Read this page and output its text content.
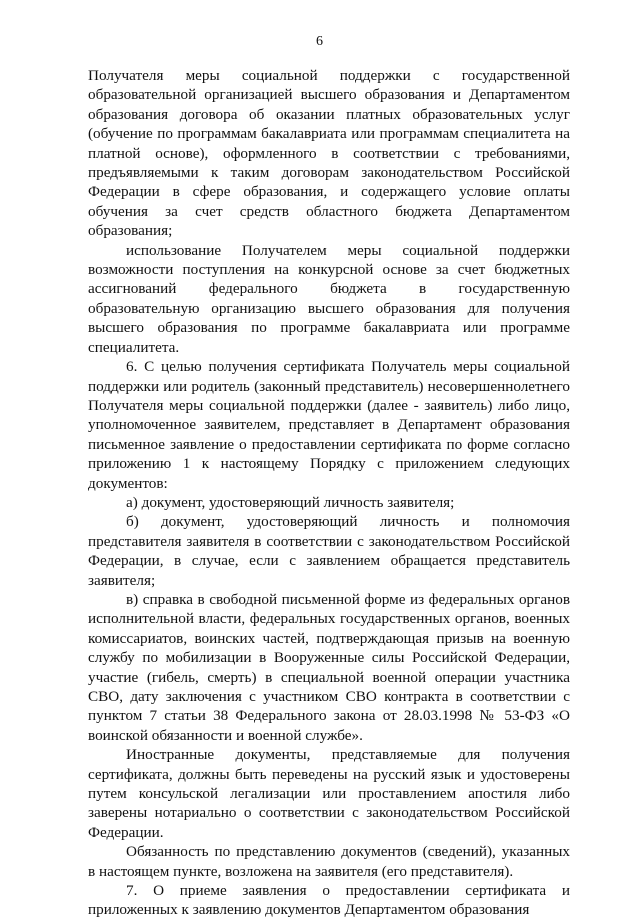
6

Получателя меры социальной поддержки с государственной образовательной организацией высшего образования и Департаментом образования договора об оказании платных образовательных услуг (обучение по программам бакалавриата или программам специалитета на платной основе), оформленного в соответствии с требованиями, предъявляемыми к таким договорам законодательством Российской Федерации в сфере образования, и содержащего условие оплаты обучения за счет средств областного бюджета Департаментом образования;

использование Получателем меры социальной поддержки возможности поступления на конкурсной основе за счет бюджетных ассигнований федерального бюджета в государственную образовательную организацию высшего образования для получения высшего образования по программе бакалавриата или программе специалитета.

6. С целью получения сертификата Получатель меры социальной поддержки или родитель (законный представитель) несовершеннолетнего Получателя меры социальной поддержки (далее - заявитель) либо лицо, уполномоченное заявителем, представляет в Департамент образования письменное заявление о предоставлении сертификата по форме согласно приложению 1 к настоящему Порядку с приложением следующих документов:

а) документ, удостоверяющий личность заявителя;

б) документ, удостоверяющий личность и полномочия представителя заявителя в соответствии с законодательством Российской Федерации, в случае, если с заявлением обращается представитель заявителя;

в) справка в свободной письменной форме из федеральных органов исполнительной власти, федеральных государственных органов, военных комиссариатов, воинских частей, подтверждающая призыв на военную службу по мобилизации в Вооруженные силы Российской Федерации, участие (гибель, смерть) в специальной военной операции участника СВО, дату заключения с участником СВО контракта в соответствии с пунктом 7 статьи 38 Федерального закона от 28.03.1998 № 53-ФЗ «О воинской обязанности и военной службе».

Иностранные документы, представляемые для получения сертификата, должны быть переведены на русский язык и удостоверены путем консульской легализации или проставлением апостиля либо заверены нотариально о соответствии с законодательством Российской Федерации.

Обязанность по представлению документов (сведений), указанных в настоящем пункте, возложена на заявителя (его представителя).

7. О приеме заявления о предоставлении сертификата и приложенных к заявлению документов Департаментом образования
